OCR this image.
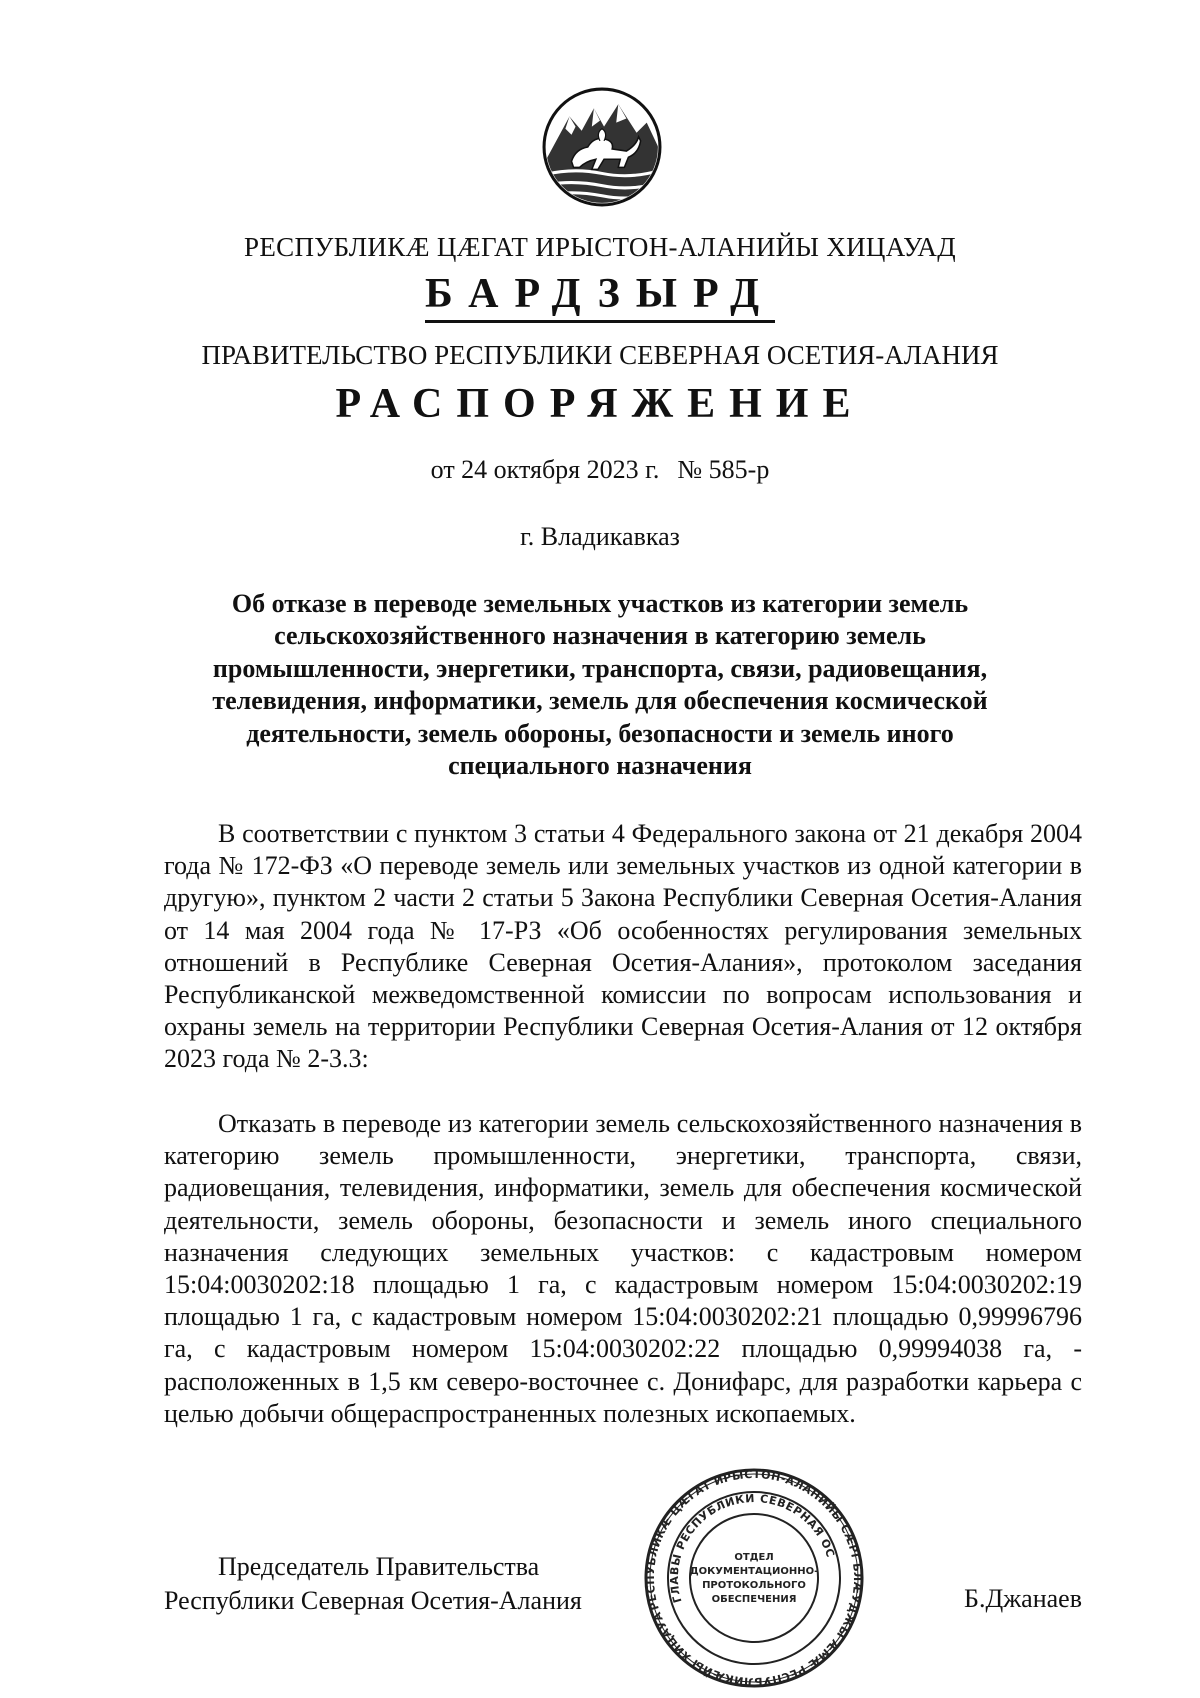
РЕСПУБЛИКÆ ЦÆГАТ ИРЫСТОН-АЛАНИЙЫ ХИЦАУАД
БАРДЗЫРД
ПРАВИТЕЛЬСТВО РЕСПУБЛИКИ СЕВЕРНАЯ ОСЕТИЯ-АЛАНИЯ
РАСПОРЯЖЕНИЕ
от 24 октября 2023 г. № 585-р
г. Владикавказ
Об отказе в переводе земельных участков из категории земель сельскохозяйственного назначения в категорию земель промышленности, энергетики, транспорта, связи, радиовещания, телевидения, информатики, земель для обеспечения космической деятельности, земель обороны, безопасности и земель иного специального назначения

В соответствии с пунктом 3 статьи 4 Федерального закона от 21 декабря 2004 года № 172-ФЗ «О переводе земель или земельных участков из одной категории в другую», пунктом 2 части 2 статьи 5 Закона Республики Северная Осетия-Алания от 14 мая 2004 года № 17-РЗ «Об особенностях регулирования земельных отношений в Республике Северная Осетия-Алания», протоколом заседания Республиканской межведомственной комиссии по вопросам использования и охраны земель на территории Республики Северная Осетия-Алания от 12 октября 2023 года № 2-3.3:

Отказать в переводе из категории земель сельскохозяйственного назначения в категорию земель промышленности, энергетики, транспорта, связи, радиовещания, телевидения, информатики, земель для обеспечения космической деятельности, земель обороны, безопасности и земель иного специального назначения следующих земельных участков: с кадастровым номером 15:04:0030202:18 площадью 1 га, с кадастровым номером 15:04:0030202:19 площадью 1 га, с кадастровым номером 15:04:0030202:21 площадью 0,99996796 га, с кадастровым номером 15:04:0030202:22 площадью 0,99994038 га, - расположенных в 1,5 км северо-восточнее с. Донифарс, для разработки карьера с целью добычи общераспространенных полезных ископаемых.

Председатель Правительства
Республики Северная Осетия-Алания	РЕСПУБЛИКÆ ЦÆГАТ ИРЫСТОН-АЛАНИЙЫ СÆРГЪЛÆУДЖЫ ÆМÆ РЕСПУБЛИКÆЙЫ ХИЦАУАДЫ
ГЛАВЫ РЕСПУБЛИКИ СЕВЕРНАЯ ОСЕТИЯ-АЛАНИЯ
ОТДЕЛ
ДОКУМЕНТАЦИОННО-
ПРОТОКОЛЬНОГО
ОБЕСПЕЧЕНИЯ	Б.Джанаев
